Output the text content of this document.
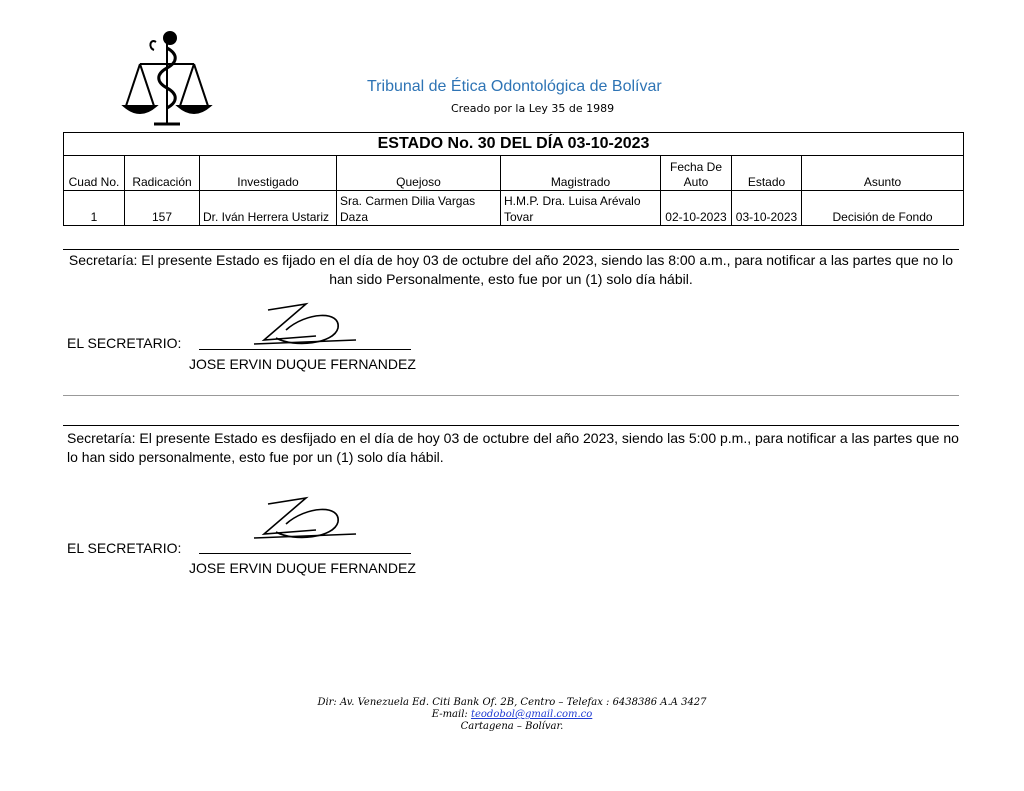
Tribunal de Ética Odontológica de Bolívar
Creado por la Ley 35 de 1989
ESTADO No. 30 DEL DÍA 03-10-2023							
Cuad No.	Radicación	Investigado	Quejoso	Magistrado	Fecha De Auto	Estado	Asunto
1	157	Dr. Iván Herrera Ustariz	Sra. Carmen Dilia Vargas Daza	H.M.P. Dra. Luisa Arévalo Tovar	02-10-2023	03-10-2023	Decisión de Fondo
Secretaría: El presente Estado es fijado en el día de hoy 03 de octubre del año 2023, siendo las 8:00 a.m., para notificar a las partes que no lo han sido Personalmente, esto fue por un (1) solo día hábil.
EL SECRETARIO:
JOSE ERVIN DUQUE FERNANDEZ
Secretaría: El presente Estado es desfijado en el día de hoy 03 de octubre del año 2023, siendo las 5:00 p.m., para notificar a las partes que no lo han sido personalmente, esto fue por un (1) solo día hábil.
EL SECRETARIO:
JOSE ERVIN DUQUE FERNANDEZ
Dir: Av. Venezuela Ed. Citi Bank Of. 2B, Centro – Telefax : 6438386 A.A 3427
E-mail: teodobol@gmail.com.co
Cartagena – Bolívar.
